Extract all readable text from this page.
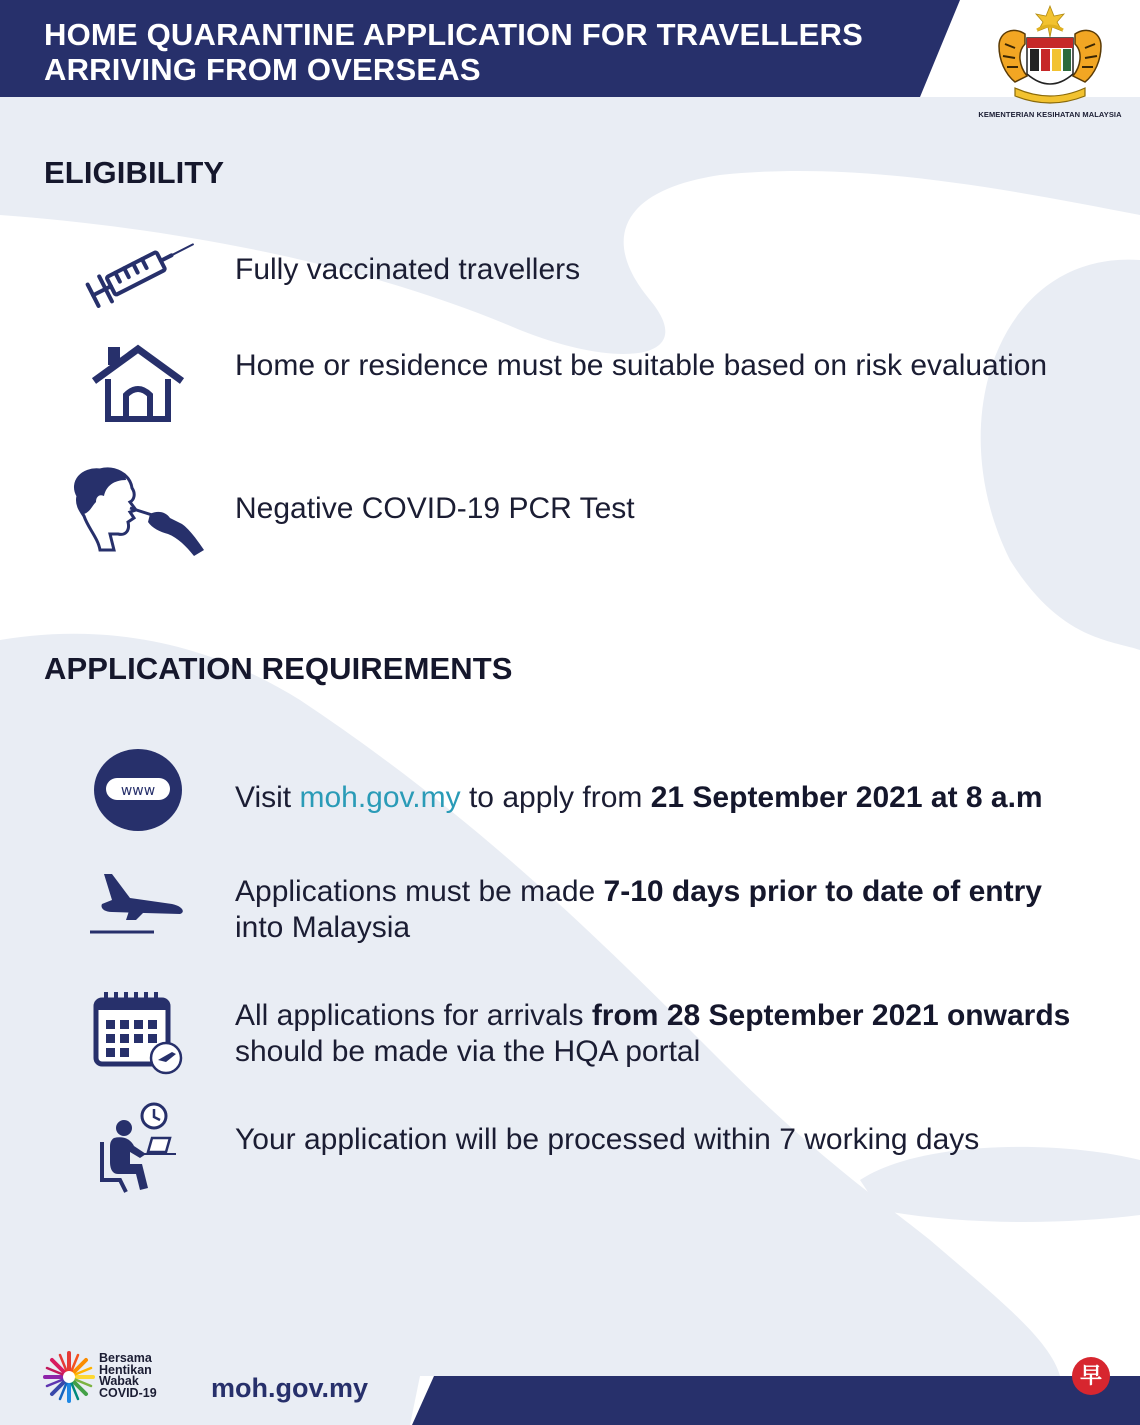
HOME QUARANTINE APPLICATION FOR TRAVELLERS
ARRIVING FROM OVERSEAS
KEMENTERIAN KESIHATAN MALAYSIA
ELIGIBILITY
Fully vaccinated travellers
Home or residence must be suitable based on risk evaluation
Negative COVID-19 PCR Test
APPLICATION REQUIREMENTS
www	Visit moh.gov.my to apply from 21 September 2021 at 8 a.m
Applications must be made 7-10 days prior to date of entry into Malaysia
All applications for arrivals from 28 September 2021 onwards should be made via the HQA portal
Your application will be processed within 7 working days
Bersama
Hentikan
Wabak
COVID-19 moh.gov.my	早
